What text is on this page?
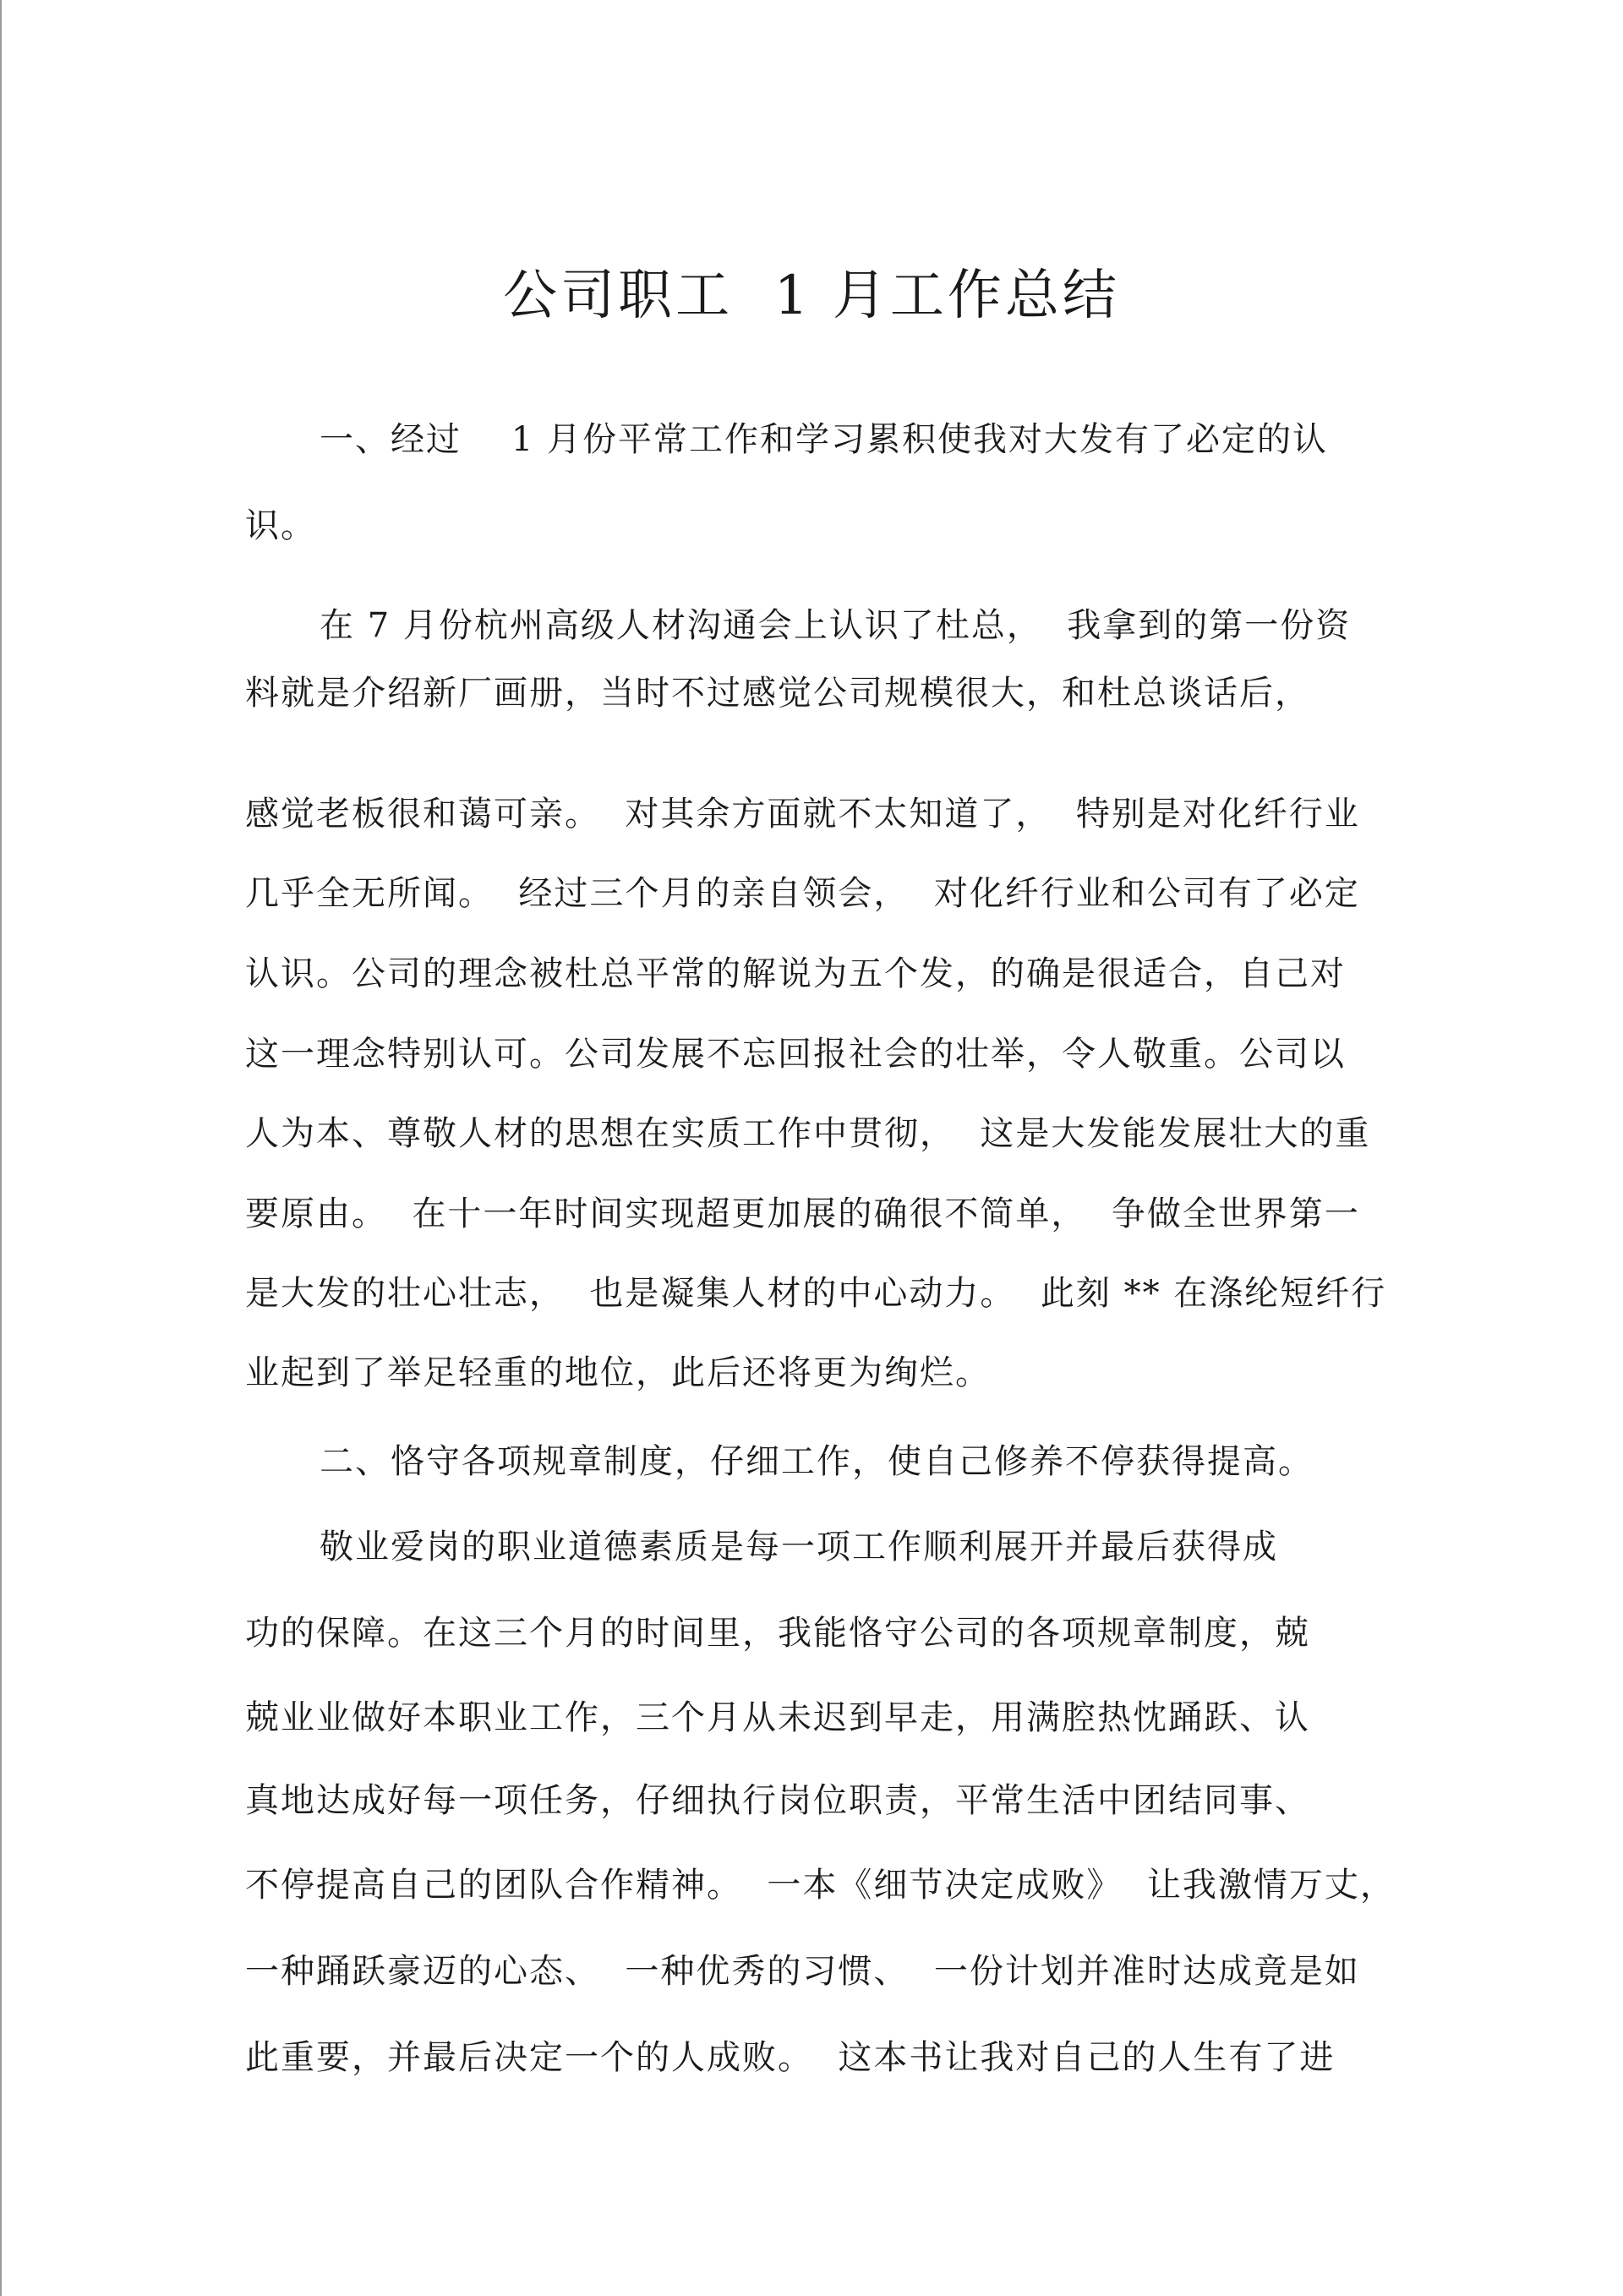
公司职工  1 月工作总结

一、经过    1 月份平常工作和学习累积使我对大发有了必定的认

识。

在 7 月份杭州高级人材沟通会上认识了杜总，  我拿到的第一份资

料就是介绍新厂画册，当时不过感觉公司规模很大，和杜总谈话后，

感觉老板很和蔼可亲。  对其余方面就不太知道了，  特别是对化纤行业

几乎全无所闻。  经过三个月的亲自领会，  对化纤行业和公司有了必定

认识。公司的理念被杜总平常的解说为五个发，的确是很适合，自己对

这一理念特别认可。公司发展不忘回报社会的壮举，令人敬重。公司以

人为本、尊敬人材的思想在实质工作中贯彻，  这是大发能发展壮大的重

要原由。  在十一年时间实现超更加展的确很不简单，  争做全世界第一

是大发的壮心壮志，  也是凝集人材的中心动力。  此刻 ** 在涤纶短纤行

业起到了举足轻重的地位，此后还将更为绚烂。

二、恪守各项规章制度，仔细工作，使自己修养不停获得提高。

敬业爱岗的职业道德素质是每一项工作顺利展开并最后获得成

功的保障。在这三个月的时间里，我能恪守公司的各项规章制度，兢

兢业业做好本职业工作，三个月从未迟到早走，用满腔热忱踊跃、认

真地达成好每一项任务，仔细执行岗位职责，平常生活中团结同事、

不停提高自己的团队合作精神。  一本《细节决定成败》  让我激情万丈，

一种踊跃豪迈的心态、  一种优秀的习惯、  一份计划并准时达成竟是如

此重要，并最后决定一个的人成败。  这本书让我对自己的人生有了进
